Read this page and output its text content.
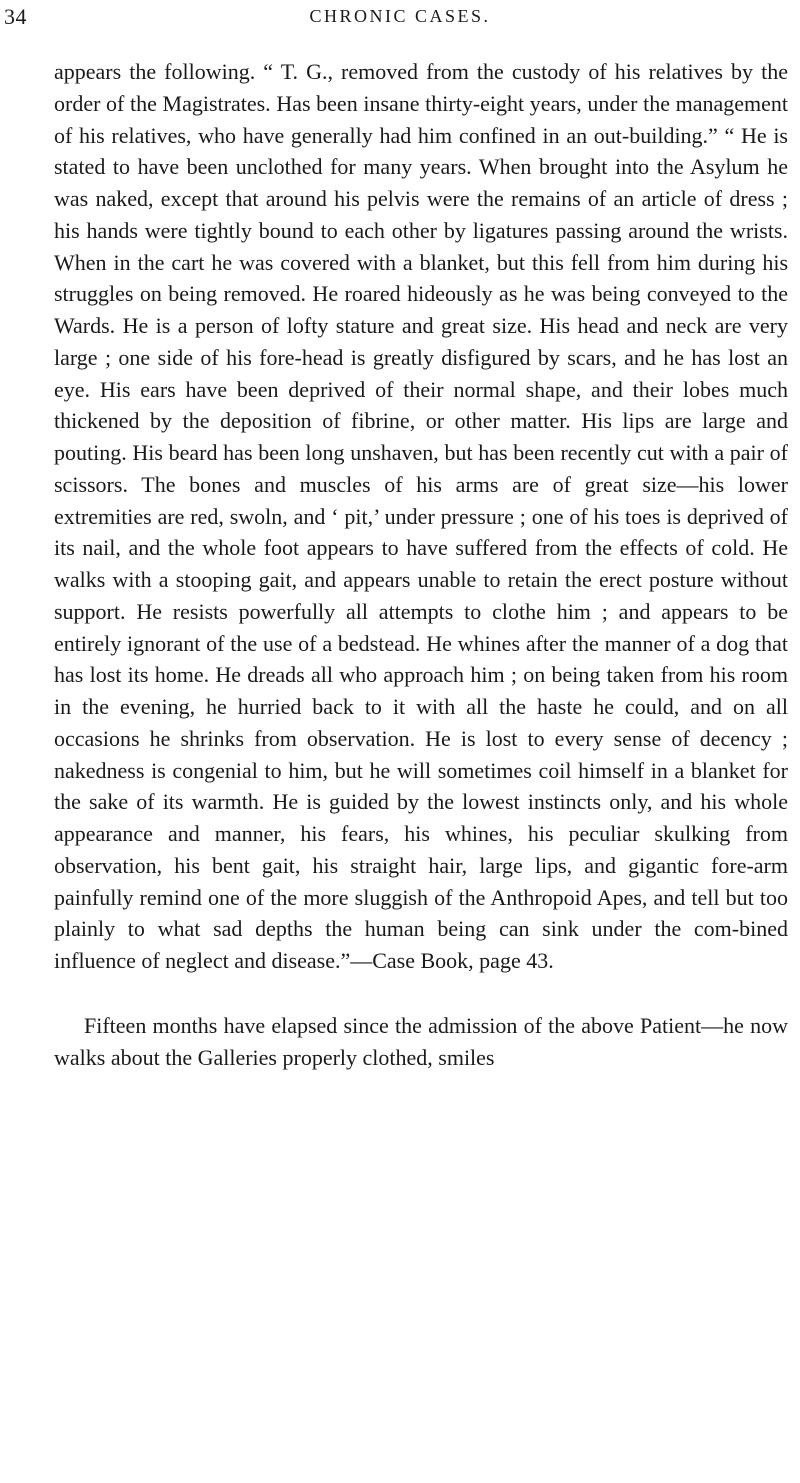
34	CHRONIC CASES.

appears the following. “ T. G., removed from the custody of his relatives by the order of the Magistrates. Has been insane thirty-eight years, under the management of his relatives, who have generally had him confined in an out-building.” “ He is stated to have been unclothed for many years. When brought into the Asylum he was naked, except that around his pelvis were the remains of an article of dress ; his hands were tightly bound to each other by ligatures passing around the wrists. When in the cart he was covered with a blanket, but this fell from him during his struggles on being removed. He roared hideously as he was being conveyed to the Wards. He is a person of lofty stature and great size. His head and neck are very large ; one side of his fore-head is greatly disfigured by scars, and he has lost an eye. His ears have been deprived of their normal shape, and their lobes much thickened by the deposition of fibrine, or other matter. His lips are large and pouting. His beard has been long unshaven, but has been recently cut with a pair of scissors. The bones and muscles of his arms are of great size—his lower extremities are red, swoln, and ‘ pit,’ under pressure ; one of his toes is deprived of its nail, and the whole foot appears to have suffered from the effects of cold. He walks with a stooping gait, and appears unable to retain the erect posture without support. He resists powerfully all attempts to clothe him ; and appears to be entirely ignorant of the use of a bedstead. He whines after the manner of a dog that has lost its home. He dreads all who approach him ; on being taken from his room in the evening, he hurried back to it with all the haste he could, and on all occasions he shrinks from observation. He is lost to every sense of decency ; nakedness is congenial to him, but he will sometimes coil himself in a blanket for the sake of its warmth. He is guided by the lowest instincts only, and his whole appearance and manner, his fears, his whines, his peculiar skulking from observation, his bent gait, his straight hair, large lips, and gigantic fore-arm painfully remind one of the more sluggish of the Anthropoid Apes, and tell but too plainly to what sad depths the human being can sink under the com-bined influence of neglect and disease.”—Case Book, page 43.

Fifteen months have elapsed since the admission of the above Patient—he now walks about the Galleries properly clothed, smiles
